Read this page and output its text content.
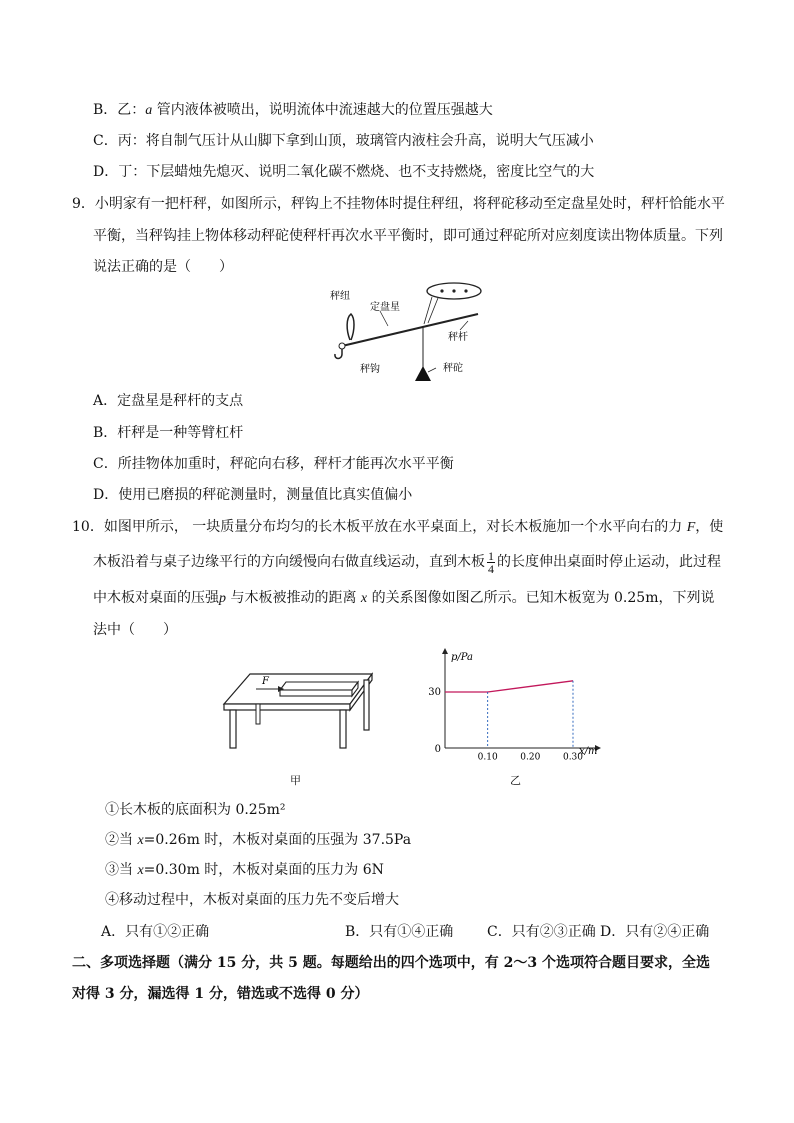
B．乙：a 管内液体被喷出，说明流体中流速越大的位置压强越大
C．丙：将自制气压计从山脚下拿到山顶，玻璃管内液柱会升高，说明大气压减小
D．丁：下层蜡烛先熄灭、说明二氧化碳不燃烧、也不支持燃烧，密度比空气的大
9．小明家有一把杆秤，如图所示，秤钩上不挂物体时提住秤纽，将秤砣移动至定盘星处时，秤杆恰能水平
平衡，当秤钩挂上物体移动秤砣使秤杆再次水平平衡时，即可通过秤砣所对应刻度读出物体质量。下列
说法正确的是（　　）
秤纽
定盘星
秤杆
秤钩	秤砣
A．定盘星是秤杆的支点
B．杆秤是一种等臂杠杆
C．所挂物体加重时，秤砣向右移，秤杆才能再次水平平衡
D．使用已磨损的秤砣测量时，测量值比真实值偏小
10．如图甲所示， 一块质量分布均匀的长木板平放在水平桌面上，对长木板施加一个水平向右的力 F，使
木板沿着与桌子边缘平行的方向缓慢向右做直线运动，直到木板 $\frac{1}{4}$ 的长度伸出桌面时停止运动，此过程
中木板对桌面的压强p 与木板被推动的距离 x 的关系图像如图乙所示。已知木板宽为 0.25m，下列说
法中（　　）
F
甲
p/Pa
x/m
0
0.10	0.20	0.30
30
乙
①长木板的底面积为 0.25m²
②当 x=0.26m 时，木板对桌面的压强为 37.5Pa
③当 x=0.30m 时，木板对桌面的压力为 6N
④移动过程中，木板对桌面的压力先不变后增大
A．只有①②正确	B．只有①④正确 C．只有②③正确 D．只有②④正确
二、多项选择题（满分 15 分，共 5 题。每题给出的四个选项中，有 2～3 个选项符合题目要求，全选
对得 3 分，漏选得 1 分，错选或不选得 0 分）
